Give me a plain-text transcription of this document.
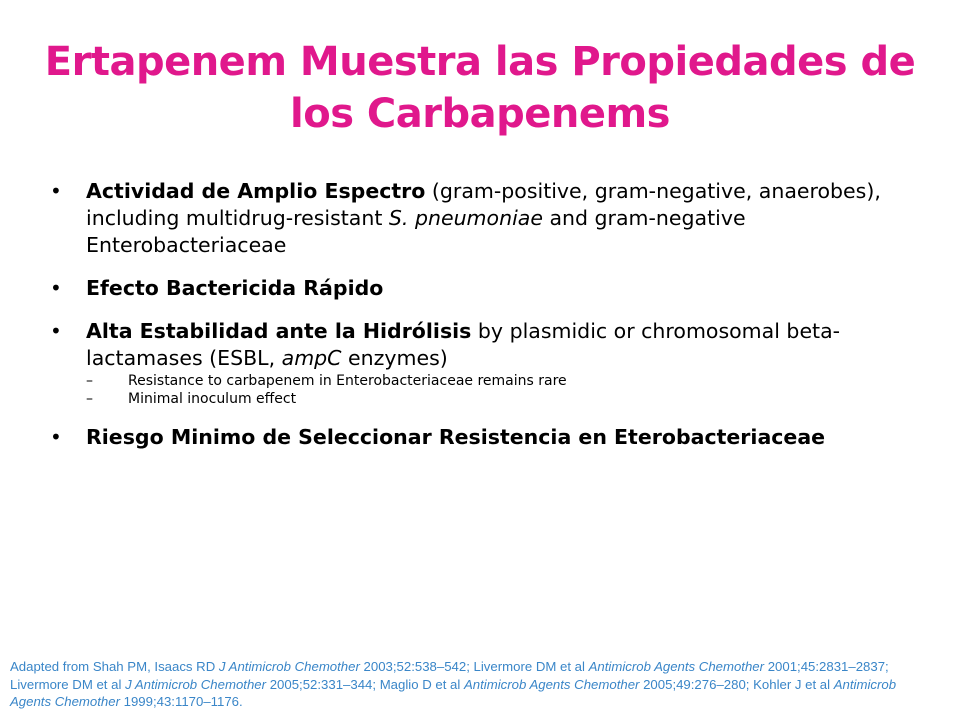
Ertapenem Muestra las Propiedades de
los Carbapenems
• Actividad de Amplio Espectro (gram-positive, gram-negative, anaerobes), including multidrug-resistant S. pneumoniae and gram-negative Enterobacteriaceae
• Efecto Bactericida Rápido
• Alta Estabilidad ante la Hidrólisis by plasmidic or chromosomal beta-lactamases (ESBL, ampC enzymes)
–	Resistance to carbapenem in Enterobacteriaceae remains rare
–	Minimal inoculum effect
• Riesgo Minimo de Seleccionar Resistencia en Eterobacteriaceae
Adapted from Shah PM, Isaacs RD J Antimicrob Chemother 2003;52:538–542; Livermore DM et al Antimicrob Agents Chemother 2001;45:2831–2837; Livermore DM et al J Antimicrob Chemother 2005;52:331–344; Maglio D et al Antimicrob Agents Chemother 2005;49:276–280; Kohler J et al Antimicrob Agents Chemother 1999;43:1170–1176.
